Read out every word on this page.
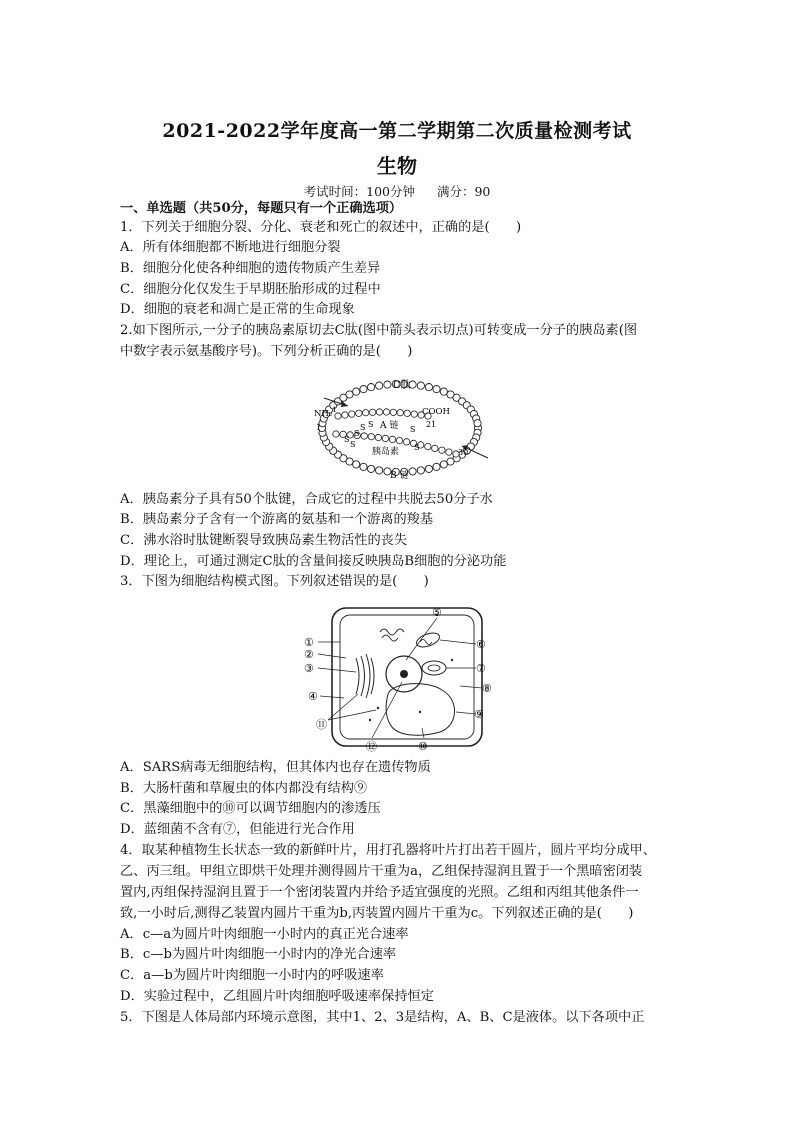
2021-2022学年度高一第二学期第二次质量检测考试
生物
考试时间：100分钟 满分：90
一、单选题（共50分，每题只有一个正确选项）
1．下列关于细胞分裂、分化、衰老和死亡的叙述中，正确的是(　　)
A．所有体细胞都不断地进行细胞分裂
B．细胞分化使各种细胞的遗传物质产生差异
C．细胞分化仅发生于早期胚胎形成的过程中
D．细胞的衰老和凋亡是正常的生命现象
2.如下图所示,一分子的胰岛素原切去C肽(图中箭头表示切点)可转变成一分子的胰岛素(图
中数字表示氨基酸序号)。下列分析正确的是(　　)
C肽
NH₂ 1
1
COOH
21
30
A 链
胰岛素
B 链
S
S S
S
S
S
S
A．胰岛素分子具有50个肽键，合成它的过程中共脱去50分子水
B．胰岛素分子含有一个游离的氨基和一个游离的羧基
C．沸水浴时肽键断裂导致胰岛素生物活性的丧失
D．理论上，可通过测定C肽的含量间接反映胰岛B细胞的分泌功能
3．下图为细胞结构模式图。下列叙述错误的是(　　)
①
②
③
④
⑤
⑥
⑦
⑧
⑨
⑩
⑪
⑫
A．SARS病毒无细胞结构，但其体内也存在遗传物质
B．大肠杆菌和草履虫的体内都没有结构⑨
C．黑藻细胞中的⑩可以调节细胞内的渗透压
D．蓝细菌不含有⑦，但能进行光合作用
4．取某种植物生长状态一致的新鲜叶片，用打孔器将叶片打出若干圆片，圆片平均分成甲、
乙、丙三组。甲组立即烘干处理并测得圆片干重为a，乙组保持湿润且置于一个黑暗密闭装
置内,丙组保持湿润且置于一个密闭装置内并给予适宜强度的光照。乙组和丙组其他条件一
致,一小时后,测得乙装置内圆片干重为b,丙装置内圆片干重为c。下列叙述正确的是(　　)
A．c—a为圆片叶肉细胞一小时内的真正光合速率
B．c—b为圆片叶肉细胞一小时内的净光合速率
C．a—b为圆片叶肉细胞一小时内的呼吸速率
D．实验过程中，乙组圆片叶肉细胞呼吸速率保持恒定
5．下图是人体局部内环境示意图，其中1、2、3是结构，A、B、C是液体。以下各项中正
